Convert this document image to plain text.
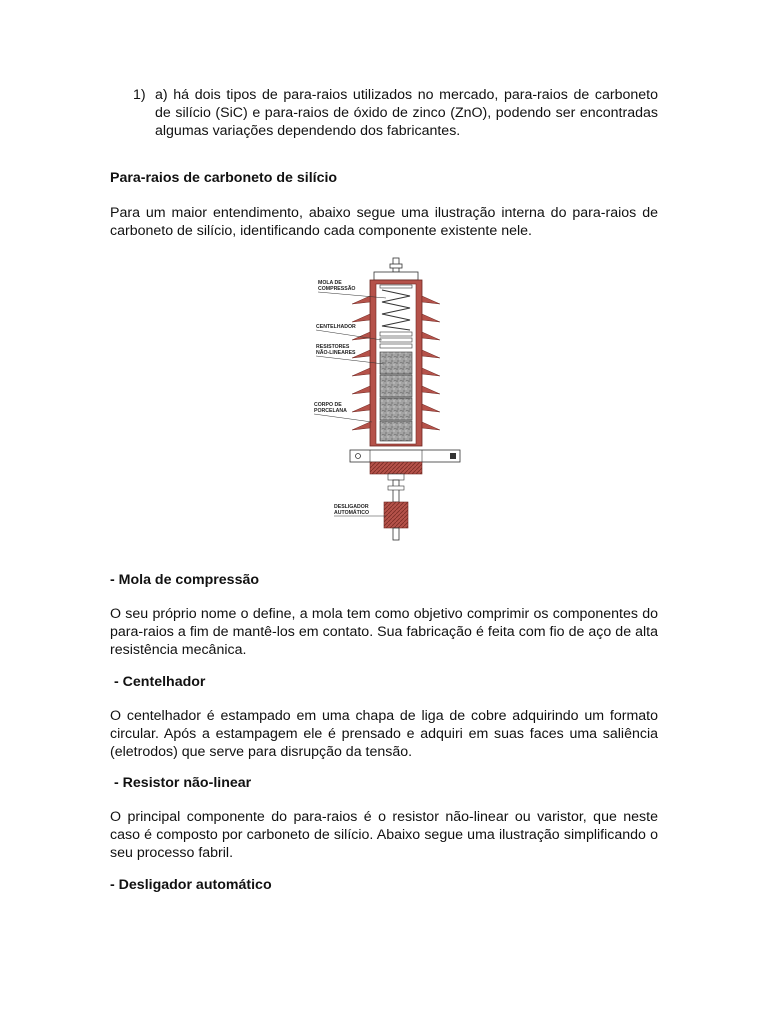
1) a) há dois tipos de para-raios utilizados no mercado, para-raios de carboneto de silício (SiC) e para-raios de óxido de zinco (ZnO), podendo ser encontradas algumas variações dependendo dos fabricantes.

Para-raios de carboneto de silício

Para um maior entendimento, abaixo segue uma ilustração interna do para-raios de carboneto de silício, identificando cada componente existente nele.

MOLA DE
COMPRESSÃO
CENTELHADOR
RESISTORES
NÃO-LINEARES
CORPO DE
PORCELANA
DESLIGADOR
AUTOMÁTICO

- Mola de compressão

O seu próprio nome o define, a mola tem como objetivo comprimir os componentes do para-raios a fim de mantê-los em contato. Sua fabricação é feita com fio de aço de alta resistência mecânica.

- Centelhador

O centelhador é estampado em uma chapa de liga de cobre adquirindo um formato circular. Após a estampagem ele é prensado e adquiri em suas faces uma saliência (eletrodos) que serve para disrupção da tensão.

- Resistor não-linear

O principal componente do para-raios é o resistor não-linear ou varistor, que neste caso é composto por carboneto de silício. Abaixo segue uma ilustração simplificando o seu processo fabril.

- Desligador automático
